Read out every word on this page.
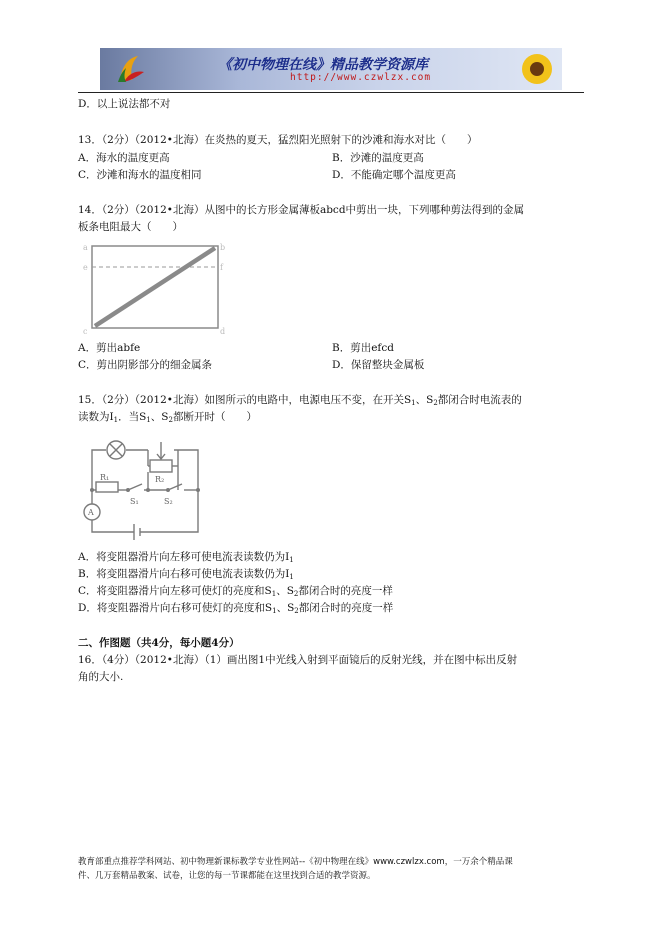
《初中物理在线》精品教学资源库
http://www.czwlzx.com
D．以上说法都不对
13．（2分）（2012•北海）在炎热的夏天，猛烈阳光照射下的沙滩和海水对比（　　）
A．海水的温度更高	B．沙滩的温度更高
C．沙滩和海水的温度相同	D．不能确定哪个温度更高
14．（2分）（2012•北海）从图中的长方形金属薄板abcd中剪出一块，下列哪种剪法得到的金属
板条电阻最大（　　）
a	b
e	f
c	d
A．剪出abfe	B．剪出efcd
C．剪出阴影部分的细金属条	D．保留整块金属板
15．（2分）（2012•北海）如图所示的电路中，电源电压不变，在开关$S_1$、$S_2$都闭合时电流表的
读数为$I_1$．当$S_1$、$S_2$都断开时（　　）
A
R₁	R₂
S₁	S₂
A．将变阻器滑片向左移可使电流表读数仍为$I_1$
B．将变阻器滑片向右移可使电流表读数仍为$I_1$
C．将变阻器滑片向左移可使灯的亮度和$S_1$、$S_2$都闭合时的亮度一样
D．将变阻器滑片向右移可使灯的亮度和$S_1$、$S_2$都闭合时的亮度一样
二、作图题（共4分，每小题4分）
16．（4分）（2012•北海）（1）画出图1中光线入射到平面镜后的反射光线，并在图中标出反射
角的大小.
教育部重点推荐学科网站、初中物理新课标教学专业性网站--《初中物理在线》www.czwlzx.com，一万余个精品课
件、几万套精品教案、试卷，让您的每一节课都能在这里找到合适的教学资源。
